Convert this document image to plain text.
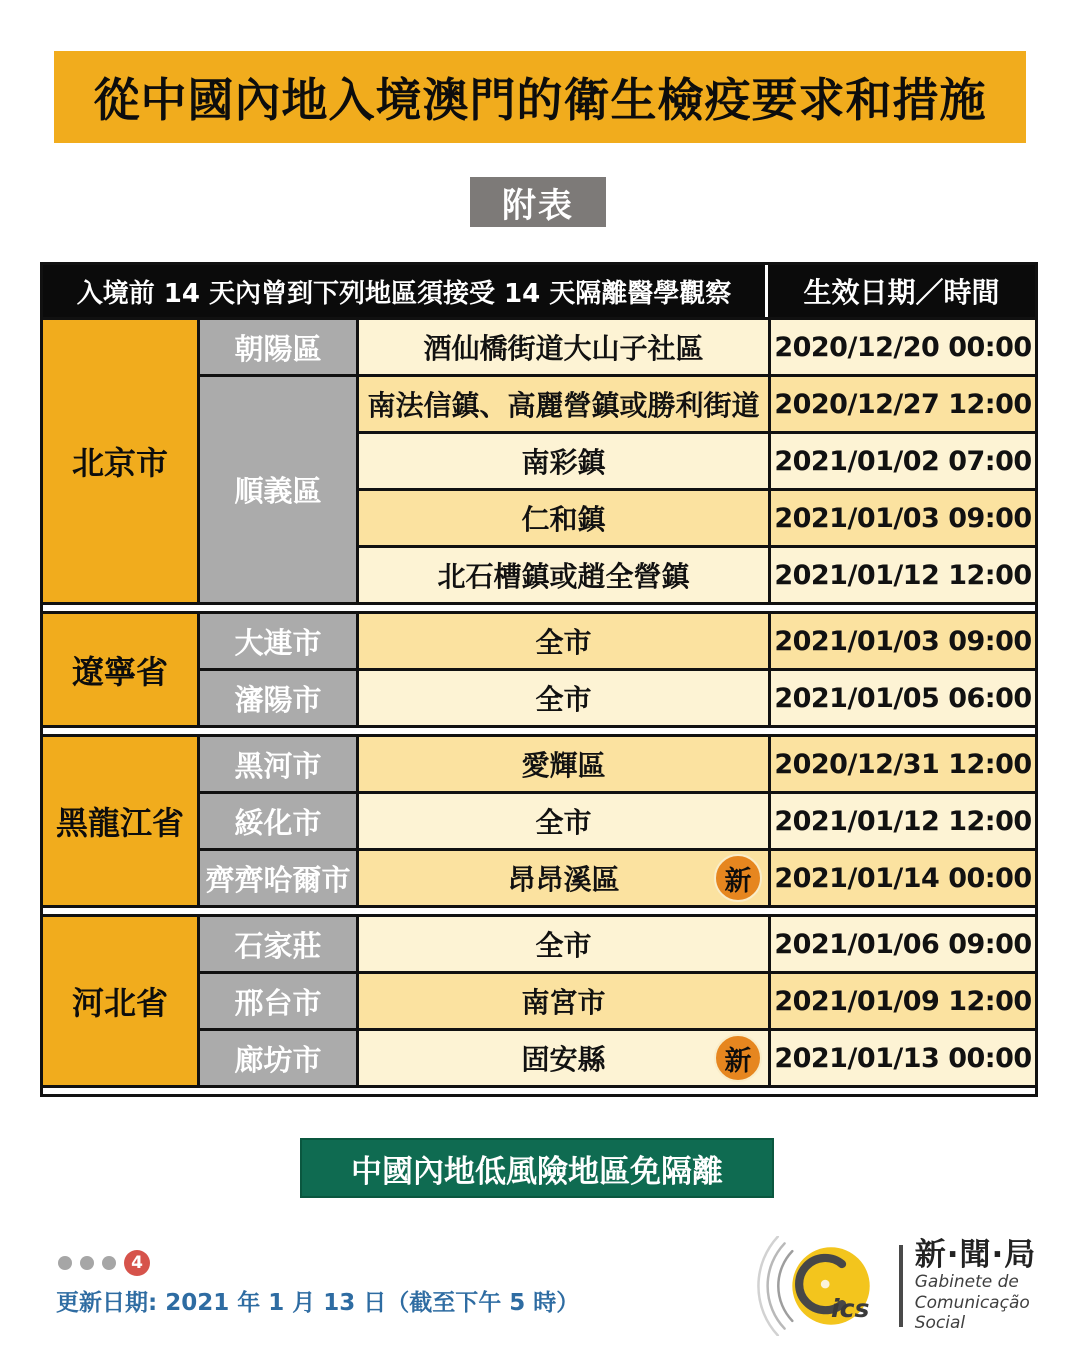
從中國內地入境澳門的衛生檢疫要求和措施
附表
入境前 14 天內曾到下列地區須接受 14 天隔離醫學觀察	生效日期／時間
北京市
朝陽區	酒仙橋街道大山子社區	2020/12/20 00:00
順義區
南法信鎮、高麗營鎮或勝利街道 2020/12/27 12:00
南彩鎮	2021/01/02 07:00
仁和鎮	2021/01/03 09:00
北石槽鎮或趙全營鎮	2021/01/12 12:00
遼寧省
大連市	全市	2021/01/03 09:00
瀋陽市	全市	2021/01/05 06:00
黑龍江省
黑河市	愛輝區	2020/12/31 12:00
綏化市	全市	2021/01/12 12:00
齊齊哈爾市	昂昂溪區	新 2021/01/14 00:00
河北省
石家莊	全市	2021/01/06 09:00
邢台市	南宮市	2021/01/09 12:00
廊坊市	固安縣	新 2021/01/13 00:00
中國內地低風險地區免隔離
4
更新日期: 2021 年 1 月 13 日（截至下午 5 時）	ics
新·聞·局
Gabinete de
Comunicação Social
